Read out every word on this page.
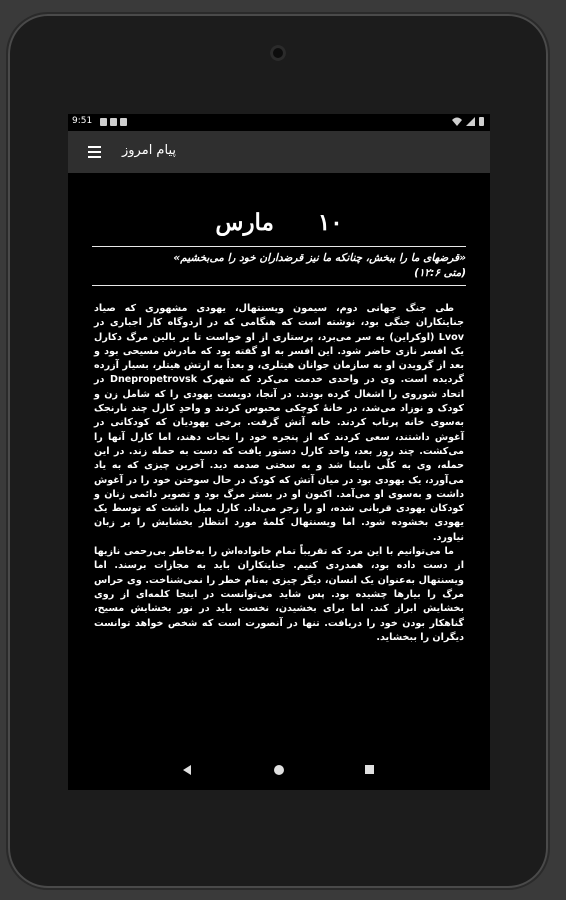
9:51
پیام امروز
۱۰ مارس
«قرضهای ما را ببخش، چنانکه ما نیز قرضداران خود را می‌بخشیم»
(متی ۱۲:۶)

طی جنگ جهانی دوم، سیمون ویسنتهال، یهودی مشهوری که صیاد جنایتکاران جنگی بود، نوشته است که هنگامی که در اردوگاه کار اجباری در Lvov (اوکراین) به سر می‌برد، پرستاری از او خواست تا بر بالین مرگ دکارل یک افسر نازی حاضر شود. این افسر به او گفته بود که مادرش مسیحی بود و بعد از گرویدن او به سازمان جوانان هیتلری، و بعداً به ارتش هیتلر، بسیار آزرده گردیده است. وی در واحدی خدمت می‌کرد که شهرک Dnepropetrovsk در اتحاد شوروی را اشغال کرده بودند. در آنجا، دویست یهودی را که شامل زن و کودک و نوزاد می‌شد، در خانهٔ کوچکی محبوس کردند و واحدِ کارل چند نارنجک به‌سوی خانه پرتاب کردند. خانه آتش گرفت. برخی یهودیان که کودکانی در آغوش داشتند، سعی کردند که از پنجره خود را نجات دهند، اما کارل آنها را می‌کشت. چند روز بعد، واحد کارل دستور یافت که دست به حمله زند. در این حمله، وی به کلّی نابینا شد و به سختی صدمه دید. آخرین چیزی که به یاد می‌آورد، یک یهودی بود در میان آتش که کودک در حال سوختن خود را در آغوش داشت و به‌سوی او می‌آمد. اکنون او در بستر مرگ بود و تصویر دائمی زنان و کودکان یهودی قربانی شده، او را زجر می‌داد. کارل میل داشت که توسط یک یهودی بخشوده شود. اما ویسنتهال کلمهٔ مورد انتظار بخشایش را بر زبان نیاورد.

ما می‌توانیم با این مرد که تقریباً تمام خانواده‌اش را به‌خاطر بی‌رحمی نازیها از دست داده بود، همدردی کنیم. جنایتکاران باید به مجازات برسند. اما ویسنتهال به‌عنوان یک انسان، دیگر چیزی به‌نام خطر را نمی‌شناخت. وی حراس مرگ را بیارها چشیده بود. پس شاید می‌توانست در اینجا کلمه‌ای از روی بخشایش ابراز کند. اما برای بخشیدن، نخست باید در نور بخشایش مسیح، گناهکار بودن خود را دریافت. تنها در آنصورت است که شخص خواهد توانست دیگران را ببخشاید.
